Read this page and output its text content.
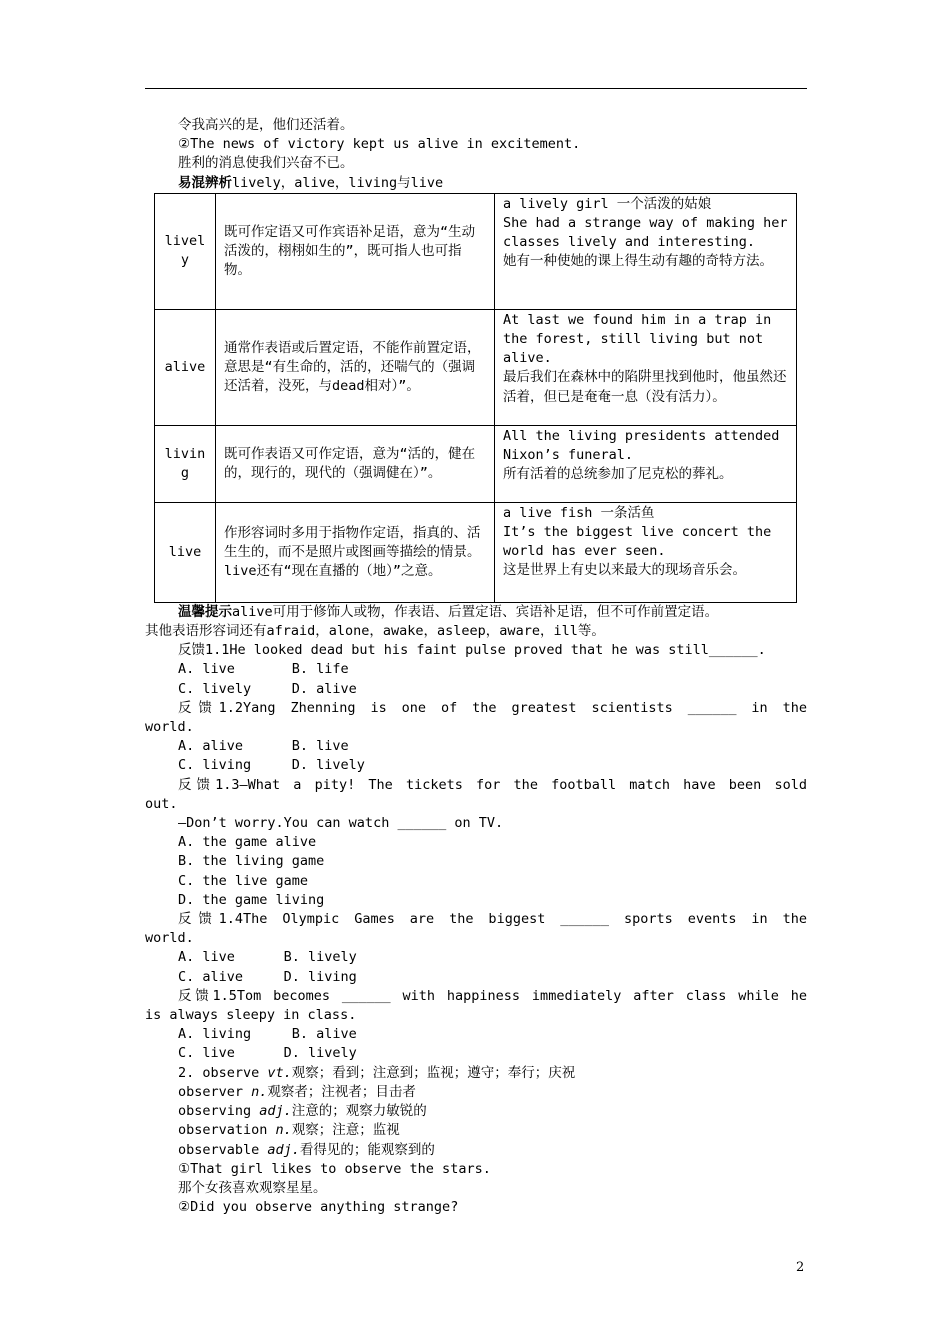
令我高兴的是，他们还活着。

②The news of victory kept us alive in excitement.

胜利的消息使我们兴奋不已。

易混辨析lively，alive，living与live

lively	既可作定语又可作宾语补足语，意为“生动活泼的，栩栩如生的”，既可指人也可指物。	a lively girl 一个活泼的姑娘
She had a strange way of making her classes lively and interesting.
她有一种使她的课上得生动有趣的奇特方法。
alive	通常作表语或后置定语，不能作前置定语，意思是“有生命的，活的，还喘气的（强调还活着，没死，与dead相对）”。	At last we found him in a trap in the forest, still living but not alive.
最后我们在森林中的陷阱里找到他时，他虽然还活着，但已是奄奄一息（没有活力）。
living	既可作表语又可作定语，意为“活的，健在的，现行的，现代的（强调健在）”。	All the living presidents attended Nixon’s funeral.
所有活着的总统参加了尼克松的葬礼。
live	作形容词时多用于指物作定语，指真的、活生生的，而不是照片或图画等描绘的情景。live还有“现在直播的（地）”之意。	a live fish 一条活鱼
It’s the biggest live concert the world has ever seen.
这是世界上有史以来最大的现场音乐会。

温馨提示alive可用于修饰人或物，作表语、后置定语、宾语补足语，但不可作前置定语。

其他表语形容词还有afraid，alone，awake，asleep，aware，ill等。

反馈1.1He looked dead but his faint pulse proved that he was still______.

A. live       B. life

C. lively     D. alive

反馈1.2Yang Zhenning is one of the greatest scientists ______ in the

world.

A. alive      B. live

C. living     D. lively

反馈1.3—What a pity! The tickets for the football match have been sold

out.

—Don’t worry.You can watch ______ on TV.

A. the game alive

B. the living game

C. the live game

D. the game living

反馈1.4The Olympic Games are the biggest ______ sports events in the

world.

A. live      B. lively

C. alive     D. living

反馈1.5Tom becomes ______ with happiness immediately after class while he

is always sleepy in class.

A. living     B. alive

C. live      D. lively

2. observe vt.观察；看到；注意到；监视；遵守；奉行；庆祝

observer n.观察者；注视者；目击者

observing adj.注意的；观察力敏锐的

observation n.观察；注意；监视

observable adj.看得见的；能观察到的

①That girl likes to observe the stars.

那个女孩喜欢观察星星。

②Did you observe anything strange?

2
